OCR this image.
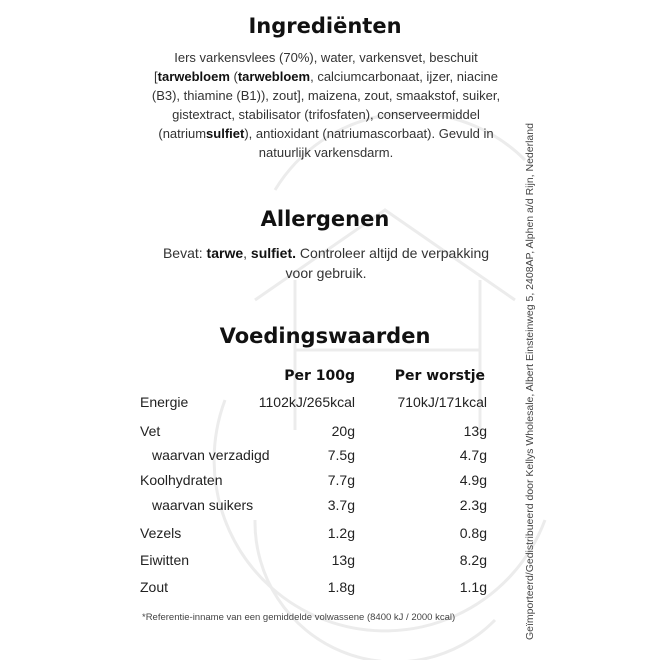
Ingrediënten
Iers varkensvlees (70%), water, varkensvet, beschuit
[tarwebloem (tarwebloem, calciumcarbonaat, ijzer, niacine (B3), thiamine (B1)), zout], maizena, zout, smaakstof, suiker, gistextract, stabilisator (trifosfaten), conserveermiddel (natriumsulfiet), antioxidant (natriumascorbaat). Gevuld in natuurlijk varkensdarm.
Allergenen
Bevat: tarwe, sulfiet. Controleer altijd de verpakking voor gebruik.
Voedingswaarden
Per 100g	Per worstje
Energie	1102kJ/265kcal	710kJ/171kcal
Vet	20g	13g
waarvan verzadigd	7.5g	4.7g
Koolhydraten	7.7g	4.9g
waarvan suikers	3.7g	2.3g
Vezels	1.2g	0.8g
Eiwitten	13g	8.2g
Zout	1.8g	1.1g
*Referentie-inname van een gemiddelde volwassene (8400 kJ / 2000 kcal)	Geïmporteerd/Gedistribueerd door Kellys Wholesale, Albert Einsteinweg 5, 2408AP, Alphen a/d Rijn, Nederland
